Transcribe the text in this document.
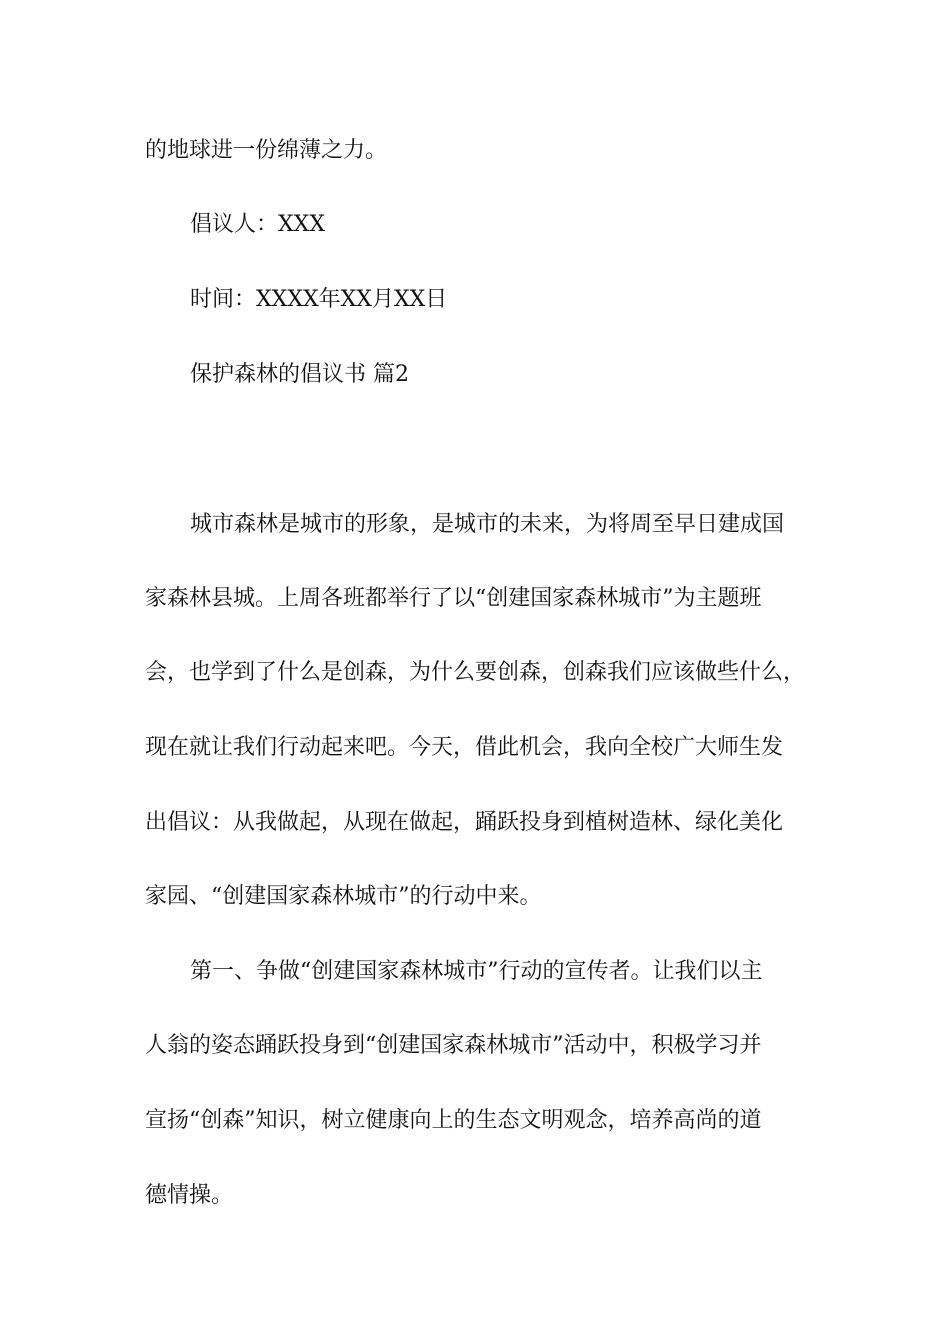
的地球进一份绵薄之力。
倡议人：XXX
时间：XXXX年XX月XX日
保护森林的倡议书 篇2
城市森林是城市的形象，是城市的未来，为将周至早日建成国
家森林县城。上周各班都举行了以“创建国家森林城市”为主题班
会，也学到了什么是创森，为什么要创森，创森我们应该做些什么，
现在就让我们行动起来吧。今天，借此机会，我向全校广大师生发
出倡议：从我做起，从现在做起，踊跃投身到植树造林、绿化美化
家园、“创建国家森林城市”的行动中来。
第一、争做“创建国家森林城市”行动的宣传者。让我们以主
人翁的姿态踊跃投身到“创建国家森林城市”活动中，积极学习并
宣扬“创森”知识，树立健康向上的生态文明观念，培养高尚的道
德情操。
